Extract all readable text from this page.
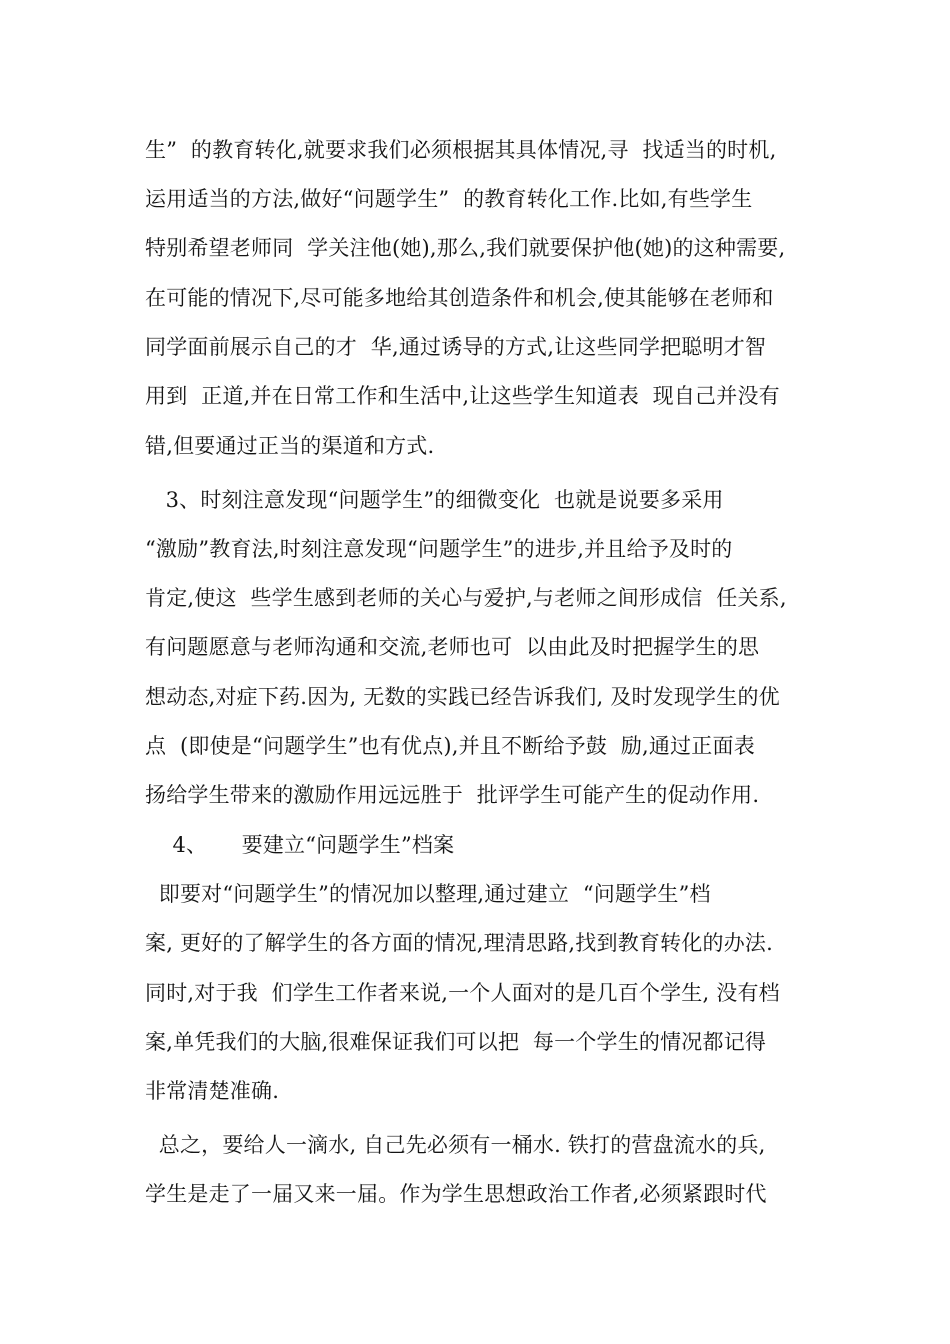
生”  的教育转化,就要求我们必须根据其具体情况,寻  找适当的时机,
运用适当的方法,做好“问题学生”  的教育转化工作.比如,有些学生
特别希望老师同  学关注他(她),那么,我们就要保护他(她)的这种需要,
在可能的情况下,尽可能多地给其创造条件和机会,使其能够在老师和
同学面前展示自己的才  华,通过诱导的方式,让这些同学把聪明才智
用到  正道,并在日常工作和生活中,让这些学生知道表  现自己并没有
错,但要通过正当的渠道和方式.
3、时刻注意发现“问题学生”的细微变化  也就是说要多采用
“激励”教育法,时刻注意发现“问题学生”的进步,并且给予及时的
肯定,使这  些学生感到老师的关心与爱护,与老师之间形成信  任关系,
有问题愿意与老师沟通和交流,老师也可  以由此及时把握学生的思
想动态,对症下药.因为, 无数的实践已经告诉我们, 及时发现学生的优
点  (即使是“问题学生”也有优点),并且不断给予鼓  励,通过正面表
扬给学生带来的激励作用远远胜于  批评学生可能产生的促动作用.
4、     要建立“问题学生”档案
即要对“问题学生”的情况加以整理,通过建立  “问题学生”档
案, 更好的了解学生的各方面的情况,理清思路,找到教育转化的办法.
同时,对于我  们学生工作者来说,一个人面对的是几百个学生, 没有档
案,单凭我们的大脑,很难保证我们可以把  每一个学生的情况都记得
非常清楚准确.
总之，要给人一滴水, 自己先必须有一桶水. 铁打的营盘流水的兵,
学生是走了一届又来一届。作为学生思想政治工作者,必须紧跟时代
